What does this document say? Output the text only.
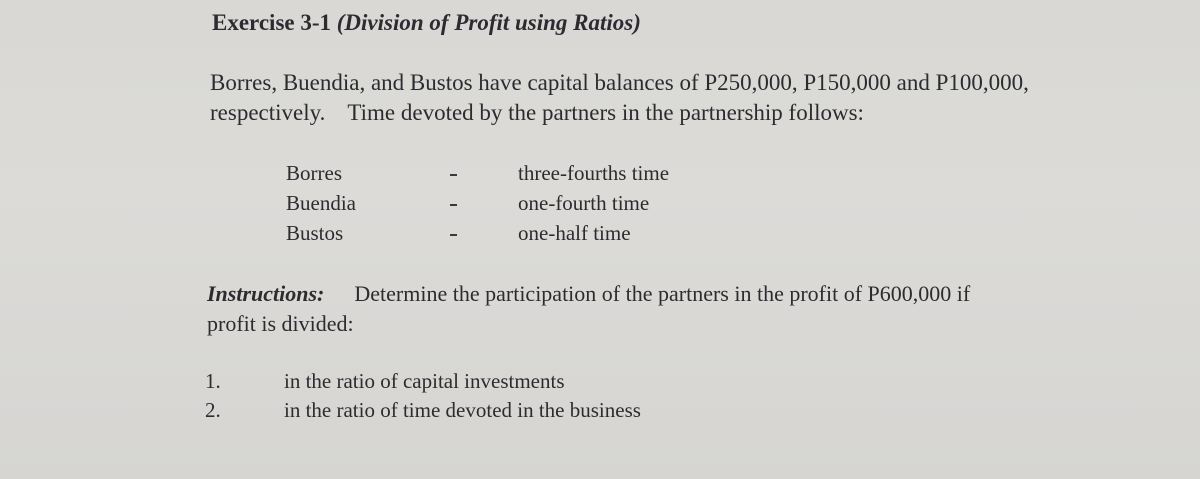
Exercise 3-1 (Division of Profit using Ratios)
Borres, Buendia, and Bustos have capital balances of P250,000, P150,000 and P100,000,
respectively. Time devoted by the partners in the partnership follows:
Borres	three-fourths time
Buendia	one-fourth time
Bustos	one-half time
Instructions: Determine the participation of the partners in the profit of P600,000 if
profit is divided:
1.	in the ratio of capital investments
2.	in the ratio of time devoted in the business
